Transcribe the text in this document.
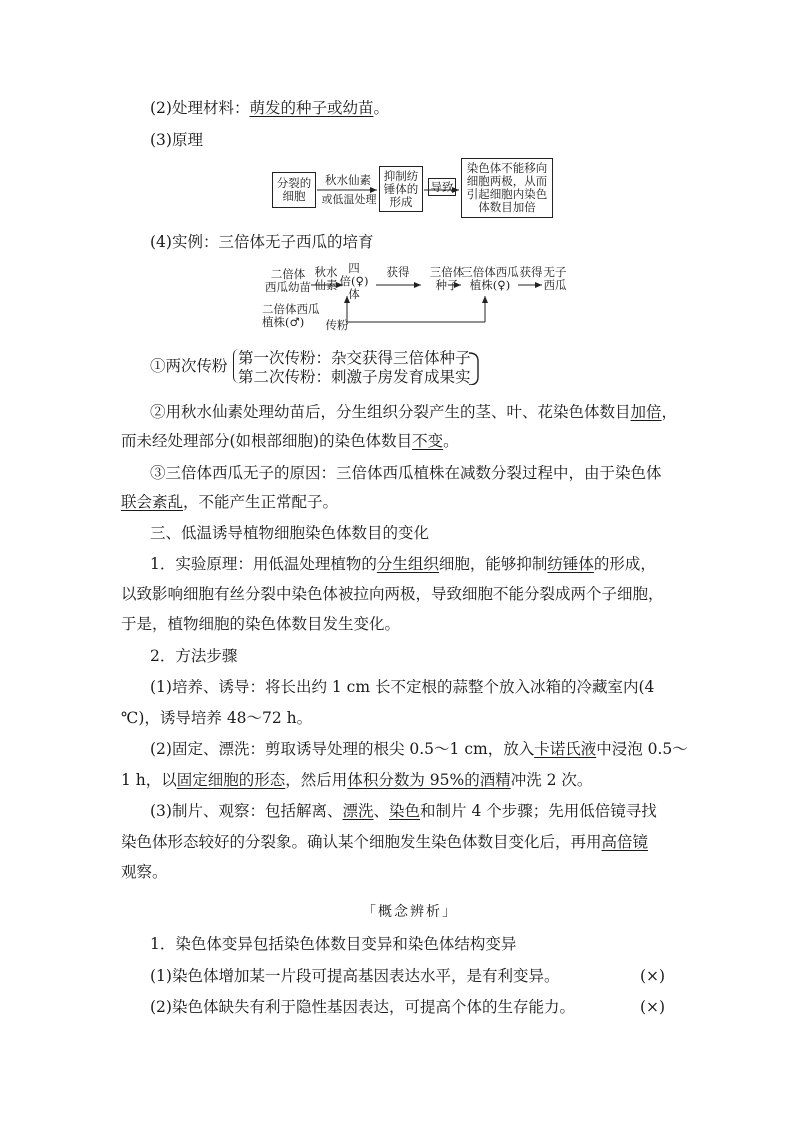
(2)处理材料：萌发的种子或幼苗。
(3)原理
分裂的
细胞
秋水仙素
或低温处理
抑制纺
锤体的
形成
导致
染色体不能移向
细胞两极，从而
引起细胞内染色
体数目加倍
(4)实例：三倍体无子西瓜的培育
二倍体
西瓜幼苗
秋水
仙素
四
倍(♀)
体
获得	三倍体
种子
三倍体西瓜
植株(♀)
获得 无子
西瓜
二倍体西瓜
植株(♂)	传粉
①两次传粉 第一次传粉：杂交获得三倍体种子
第二次传粉：刺激子房发育成果实
②用秋水仙素处理幼苗后，分生组织分裂产生的茎、叶、花染色体数目加倍，
而未经处理部分(如根部细胞)的染色体数目不变。
③三倍体西瓜无子的原因：三倍体西瓜植株在减数分裂过程中，由于染色体
联会紊乱，不能产生正常配子。
三、低温诱导植物细胞染色体数目的变化
1．实验原理：用低温处理植物的分生组织细胞，能够抑制纺锤体的形成，
以致影响细胞有丝分裂中染色体被拉向两极，导致细胞不能分裂成两个子细胞，
于是，植物细胞的染色体数目发生变化。
2．方法步骤
(1)培养、诱导：将长出约 1 cm 长不定根的蒜整个放入冰箱的冷藏室内(4
℃)，诱导培养 48～72 h。
(2)固定、漂洗：剪取诱导处理的根尖 0.5～1 cm，放入卡诺氏液中浸泡 0.5～
1 h，以固定细胞的形态，然后用体积分数为 95%的酒精冲洗 2 次。
(3)制片、观察：包括解离、漂洗、染色和制片 4 个步骤；先用低倍镜寻找
染色体形态较好的分裂象。确认某个细胞发生染色体数目变化后，再用高倍镜
观察。
「概念辨析」
1．染色体变异包括染色体数目变异和染色体结构变异
(1)染色体增加某一片段可提高基因表达水平，是有利变异。	(×)
(2)染色体缺失有利于隐性基因表达，可提高个体的生存能力。	(×)
